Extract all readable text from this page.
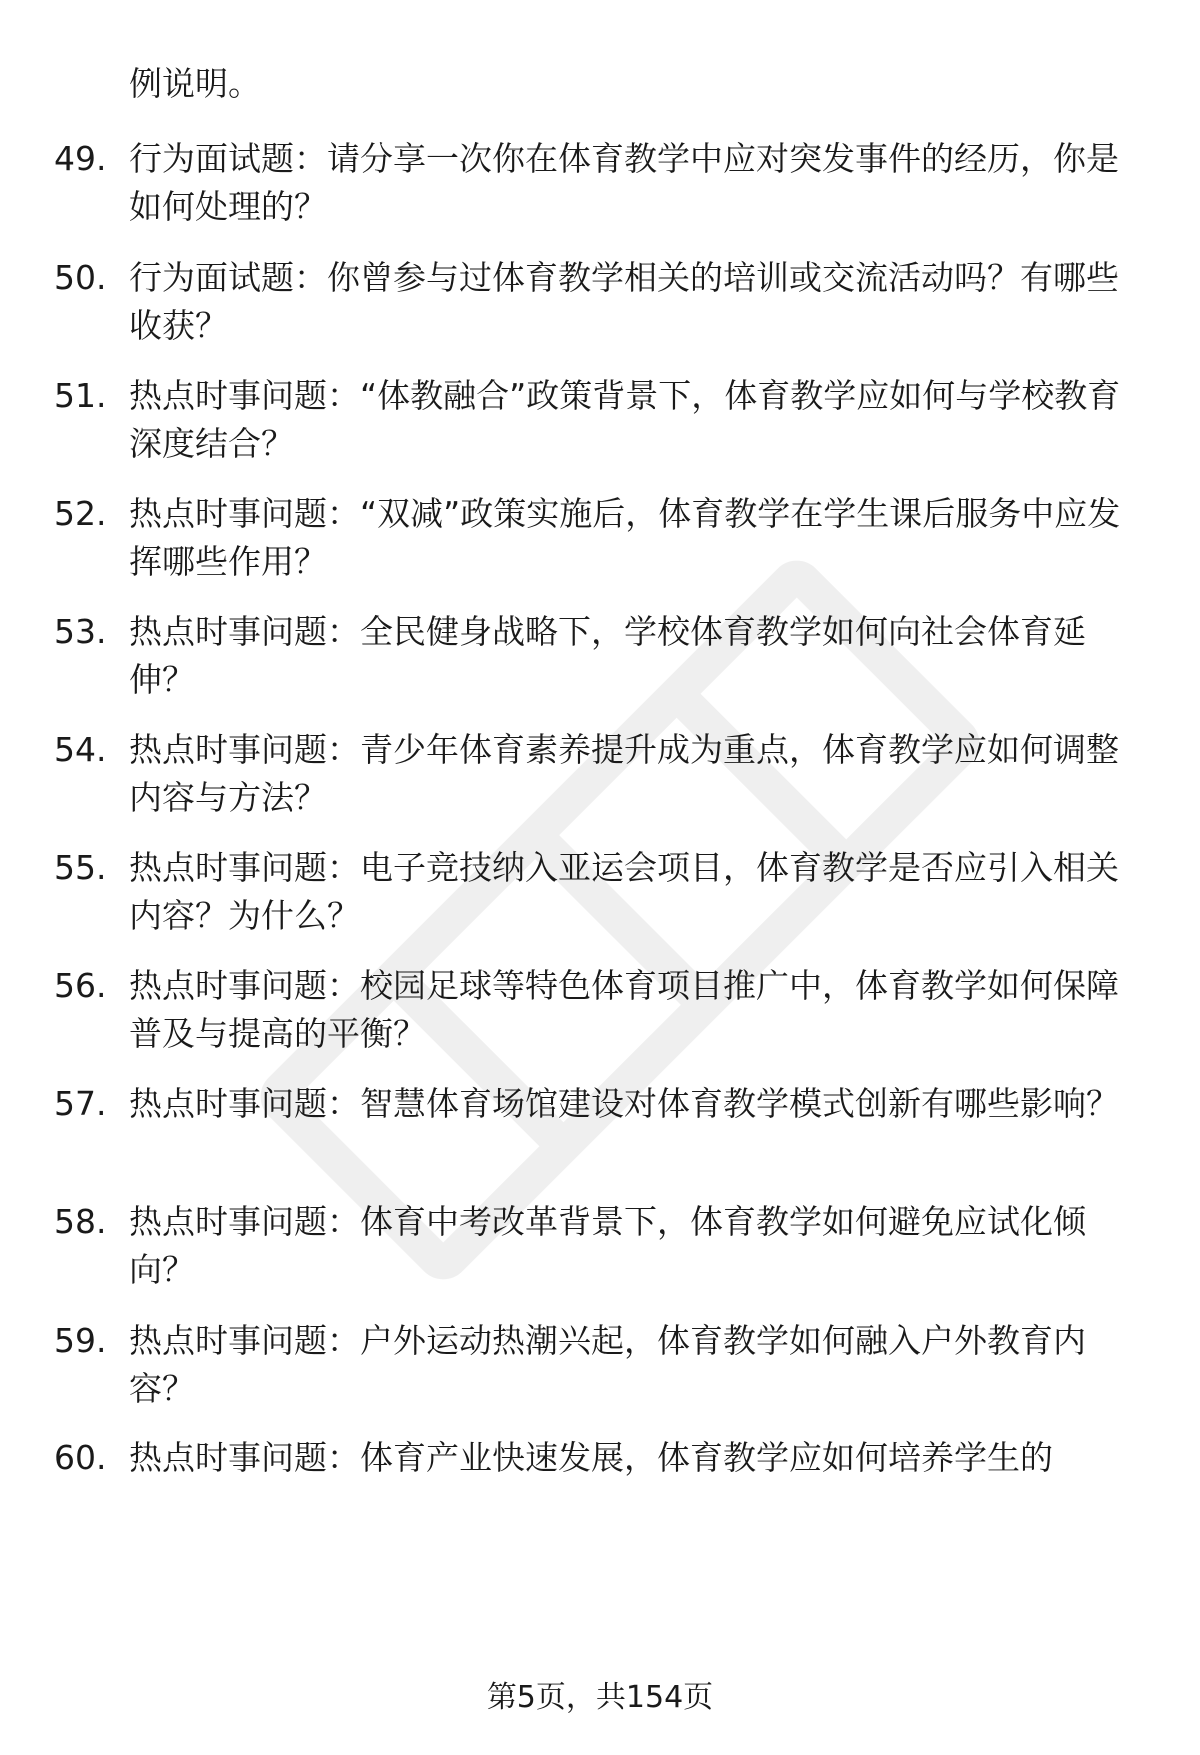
例说明。
49. 行为面试题：请分享一次你在体育教学中应对突发事件的经历，你是如何处理的？
50. 行为面试题：你曾参与过体育教学相关的培训或交流活动吗？有哪些收获？
51. 热点时事问题：“体教融合”政策背景下，体育教学应如何与学校教育深度结合？
52. 热点时事问题：“双减”政策实施后，体育教学在学生课后服务中应发挥哪些作用？
53. 热点时事问题：全民健身战略下，学校体育教学如何向社会体育延伸？
54. 热点时事问题：青少年体育素养提升成为重点，体育教学应如何调整内容与方法？
55. 热点时事问题：电子竞技纳入亚运会项目，体育教学是否应引入相关内容？为什么？
56. 热点时事问题：校园足球等特色体育项目推广中，体育教学如何保障普及与提高的平衡？
57. 热点时事问题：智慧体育场馆建设对体育教学模式创新有哪些影响？
58. 热点时事问题：体育中考改革背景下，体育教学如何避免应试化倾向？
59. 热点时事问题：户外运动热潮兴起，体育教学如何融入户外教育内容？
60. 热点时事问题：体育产业快速发展，体育教学应如何培养学生的
第5页，共154页
